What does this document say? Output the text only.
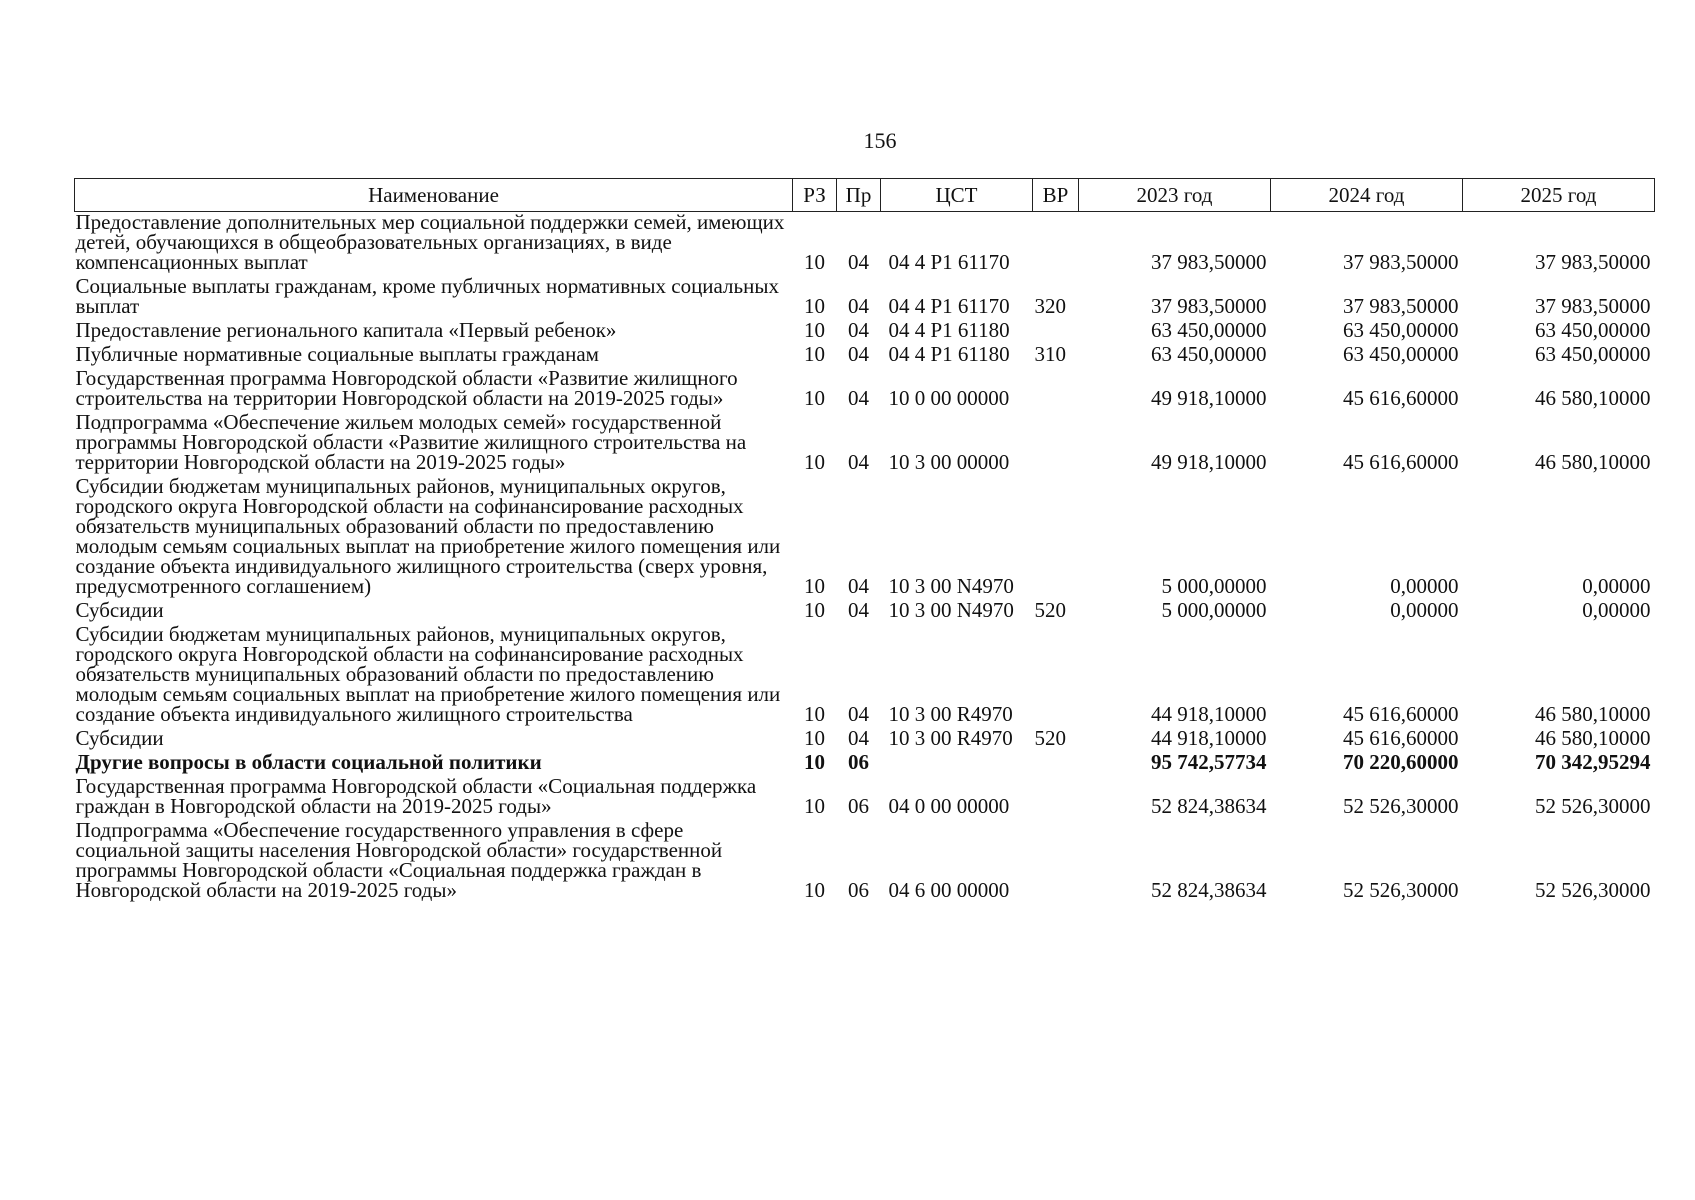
156
Наименование	РЗ	Пр	ЦСТ	ВР	2023 год	2024 год	2025 год
Предоставление дополнительных мер социальной поддержки семей, имеющих детей, обучающихся в общеобразовательных организациях, в виде компенсационных выплат	10	04	04 4 P1 61170		37 983,50000	37 983,50000	37 983,50000
Социальные выплаты гражданам, кроме публичных нормативных социальных выплат	10	04	04 4 P1 61170	320	37 983,50000	37 983,50000	37 983,50000
Предоставление регионального капитала «Первый ребенок»	10	04	04 4 P1 61180		63 450,00000	63 450,00000	63 450,00000
Публичные нормативные социальные выплаты гражданам	10	04	04 4 P1 61180	310	63 450,00000	63 450,00000	63 450,00000
Государственная программа Новгородской области «Развитие жилищного строительства на территории Новгородской области на 2019-2025 годы»	10	04	10 0 00 00000		49 918,10000	45 616,60000	46 580,10000
Подпрограмма «Обеспечение жильем молодых семей» государственной программы Новгородской области «Развитие жилищного строительства на территории Новгородской области на 2019-2025 годы»	10	04	10 3 00 00000		49 918,10000	45 616,60000	46 580,10000
Субсидии бюджетам муниципальных районов, муниципальных округов, городского округа Новгородской области на софинансирование расходных обязательств муниципальных образований области по предоставлению молодым семьям социальных выплат на приобретение жилого помещения или создание объекта индивидуального жилищного строительства (сверх уровня, предусмотренного соглашением)	10	04	10 3 00 N4970		5 000,00000	0,00000	0,00000
Субсидии	10	04	10 3 00 N4970	520	5 000,00000	0,00000	0,00000
Субсидии бюджетам муниципальных районов, муниципальных округов, городского округа Новгородской области на софинансирование расходных обязательств муниципальных образований области по предоставлению молодым семьям социальных выплат на приобретение жилого помещения или создание объекта индивидуального жилищного строительства	10	04	10 3 00 R4970		44 918,10000	45 616,60000	46 580,10000
Субсидии	10	04	10 3 00 R4970	520	44 918,10000	45 616,60000	46 580,10000
Другие вопросы в области социальной политики	10	06			95 742,57734	70 220,60000	70 342,95294
Государственная программа Новгородской области «Социальная поддержка граждан в Новгородской области на 2019-2025 годы»	10	06	04 0 00 00000		52 824,38634	52 526,30000	52 526,30000
Подпрограмма «Обеспечение государственного управления в сфере социальной защиты населения Новгородской области» государственной программы Новгородской области «Социальная поддержка граждан в Новгородской области на 2019-2025 годы»	10	06	04 6 00 00000		52 824,38634	52 526,30000	52 526,30000
